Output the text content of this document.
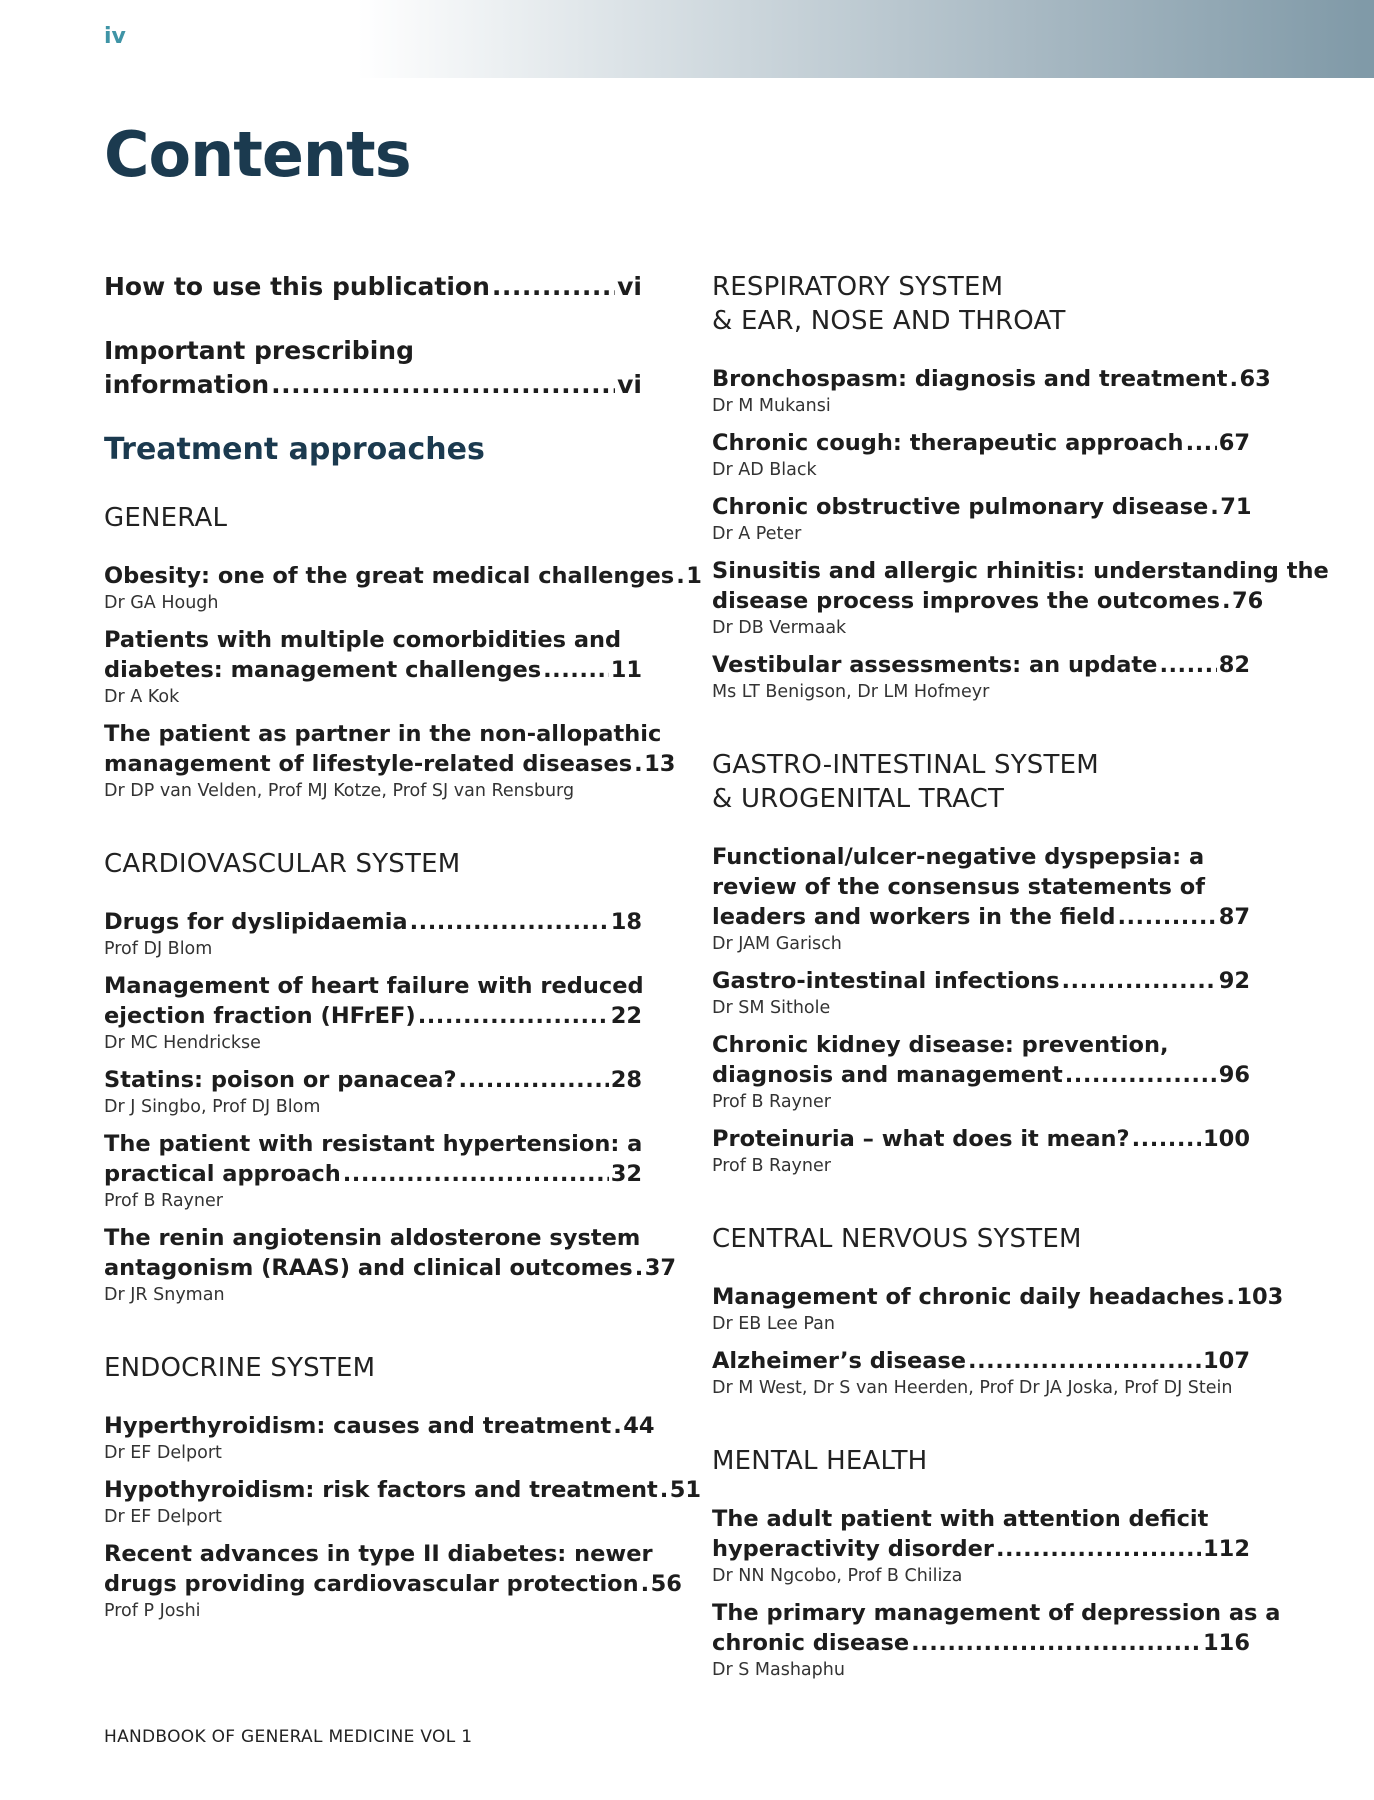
iv
Contents
How to use this publication .....	vi
Important prescribing
information .....	vi
Treatment approaches
GENERAL
Obesity: one of the great medical challenges ..... 1
Dr GA Hough
Patients with multiple comorbidities and
diabetes: management challenges .....	11
Dr A Kok
The patient as partner in the non-allopathic
management of lifestyle-related diseases ..... 13
Dr DP van Velden, Prof MJ Kotze, Prof SJ van Rensburg
CARDIOVASCULAR SYSTEM
Drugs for dyslipidaemia .....	18
Prof DJ Blom
Management of heart failure with reduced
ejection fraction (HFrEF) .....	22
Dr MC Hendrickse
Statins: poison or panacea? .....	28
Dr J Singbo, Prof DJ Blom
The patient with resistant hypertension: a
practical approach .....	32
Prof B Rayner
The renin angiotensin aldosterone system
antagonism (RAAS) and clinical outcomes ..... 37
Dr JR Snyman
ENDOCRINE SYSTEM
Hyperthyroidism: causes and treatment ..... 44
Dr EF Delport
Hypothyroidism: risk factors and treatment ..... 51
Dr EF Delport
Recent advances in type II diabetes: newer
drugs providing cardiovascular protection ..... 56
Prof P Joshi
RESPIRATORY SYSTEM
& EAR, NOSE AND THROAT
Bronchospasm: diagnosis and treatment ..... 63
Dr M Mukansi
Chronic cough: therapeutic approach ..... 67
Dr AD Black
Chronic obstructive pulmonary disease ..... 71
Dr A Peter
Sinusitis and allergic rhinitis: understanding the
disease process improves the outcomes ..... 76
Dr DB Vermaak
Vestibular assessments: an update .....	82
Ms LT Benigson, Dr LM Hofmeyr
GASTRO-INTESTINAL SYSTEM
& UROGENITAL TRACT
Functional/ulcer-negative dyspepsia: a
review of the consensus statements of
leaders and workers in the field .....	87
Dr JAM Garisch
Gastro-intestinal infections .....	92
Dr SM Sithole
Chronic kidney disease: prevention,
diagnosis and management .....	96
Prof B Rayner
Proteinuria – what does it mean? .....	100
Prof B Rayner
CENTRAL NERVOUS SYSTEM
Management of chronic daily headaches ..... 103
Dr EB Lee Pan
Alzheimer’s disease .....	107
Dr M West, Dr S van Heerden, Prof Dr JA Joska, Prof DJ Stein
MENTAL HEALTH
The adult patient with attention deficit
hyperactivity disorder .....	112
Dr NN Ngcobo, Prof B Chiliza
The primary management of depression as a
chronic disease .....	116
Dr S Mashaphu
HANDBOOK OF GENERAL MEDICINE VOL 1
